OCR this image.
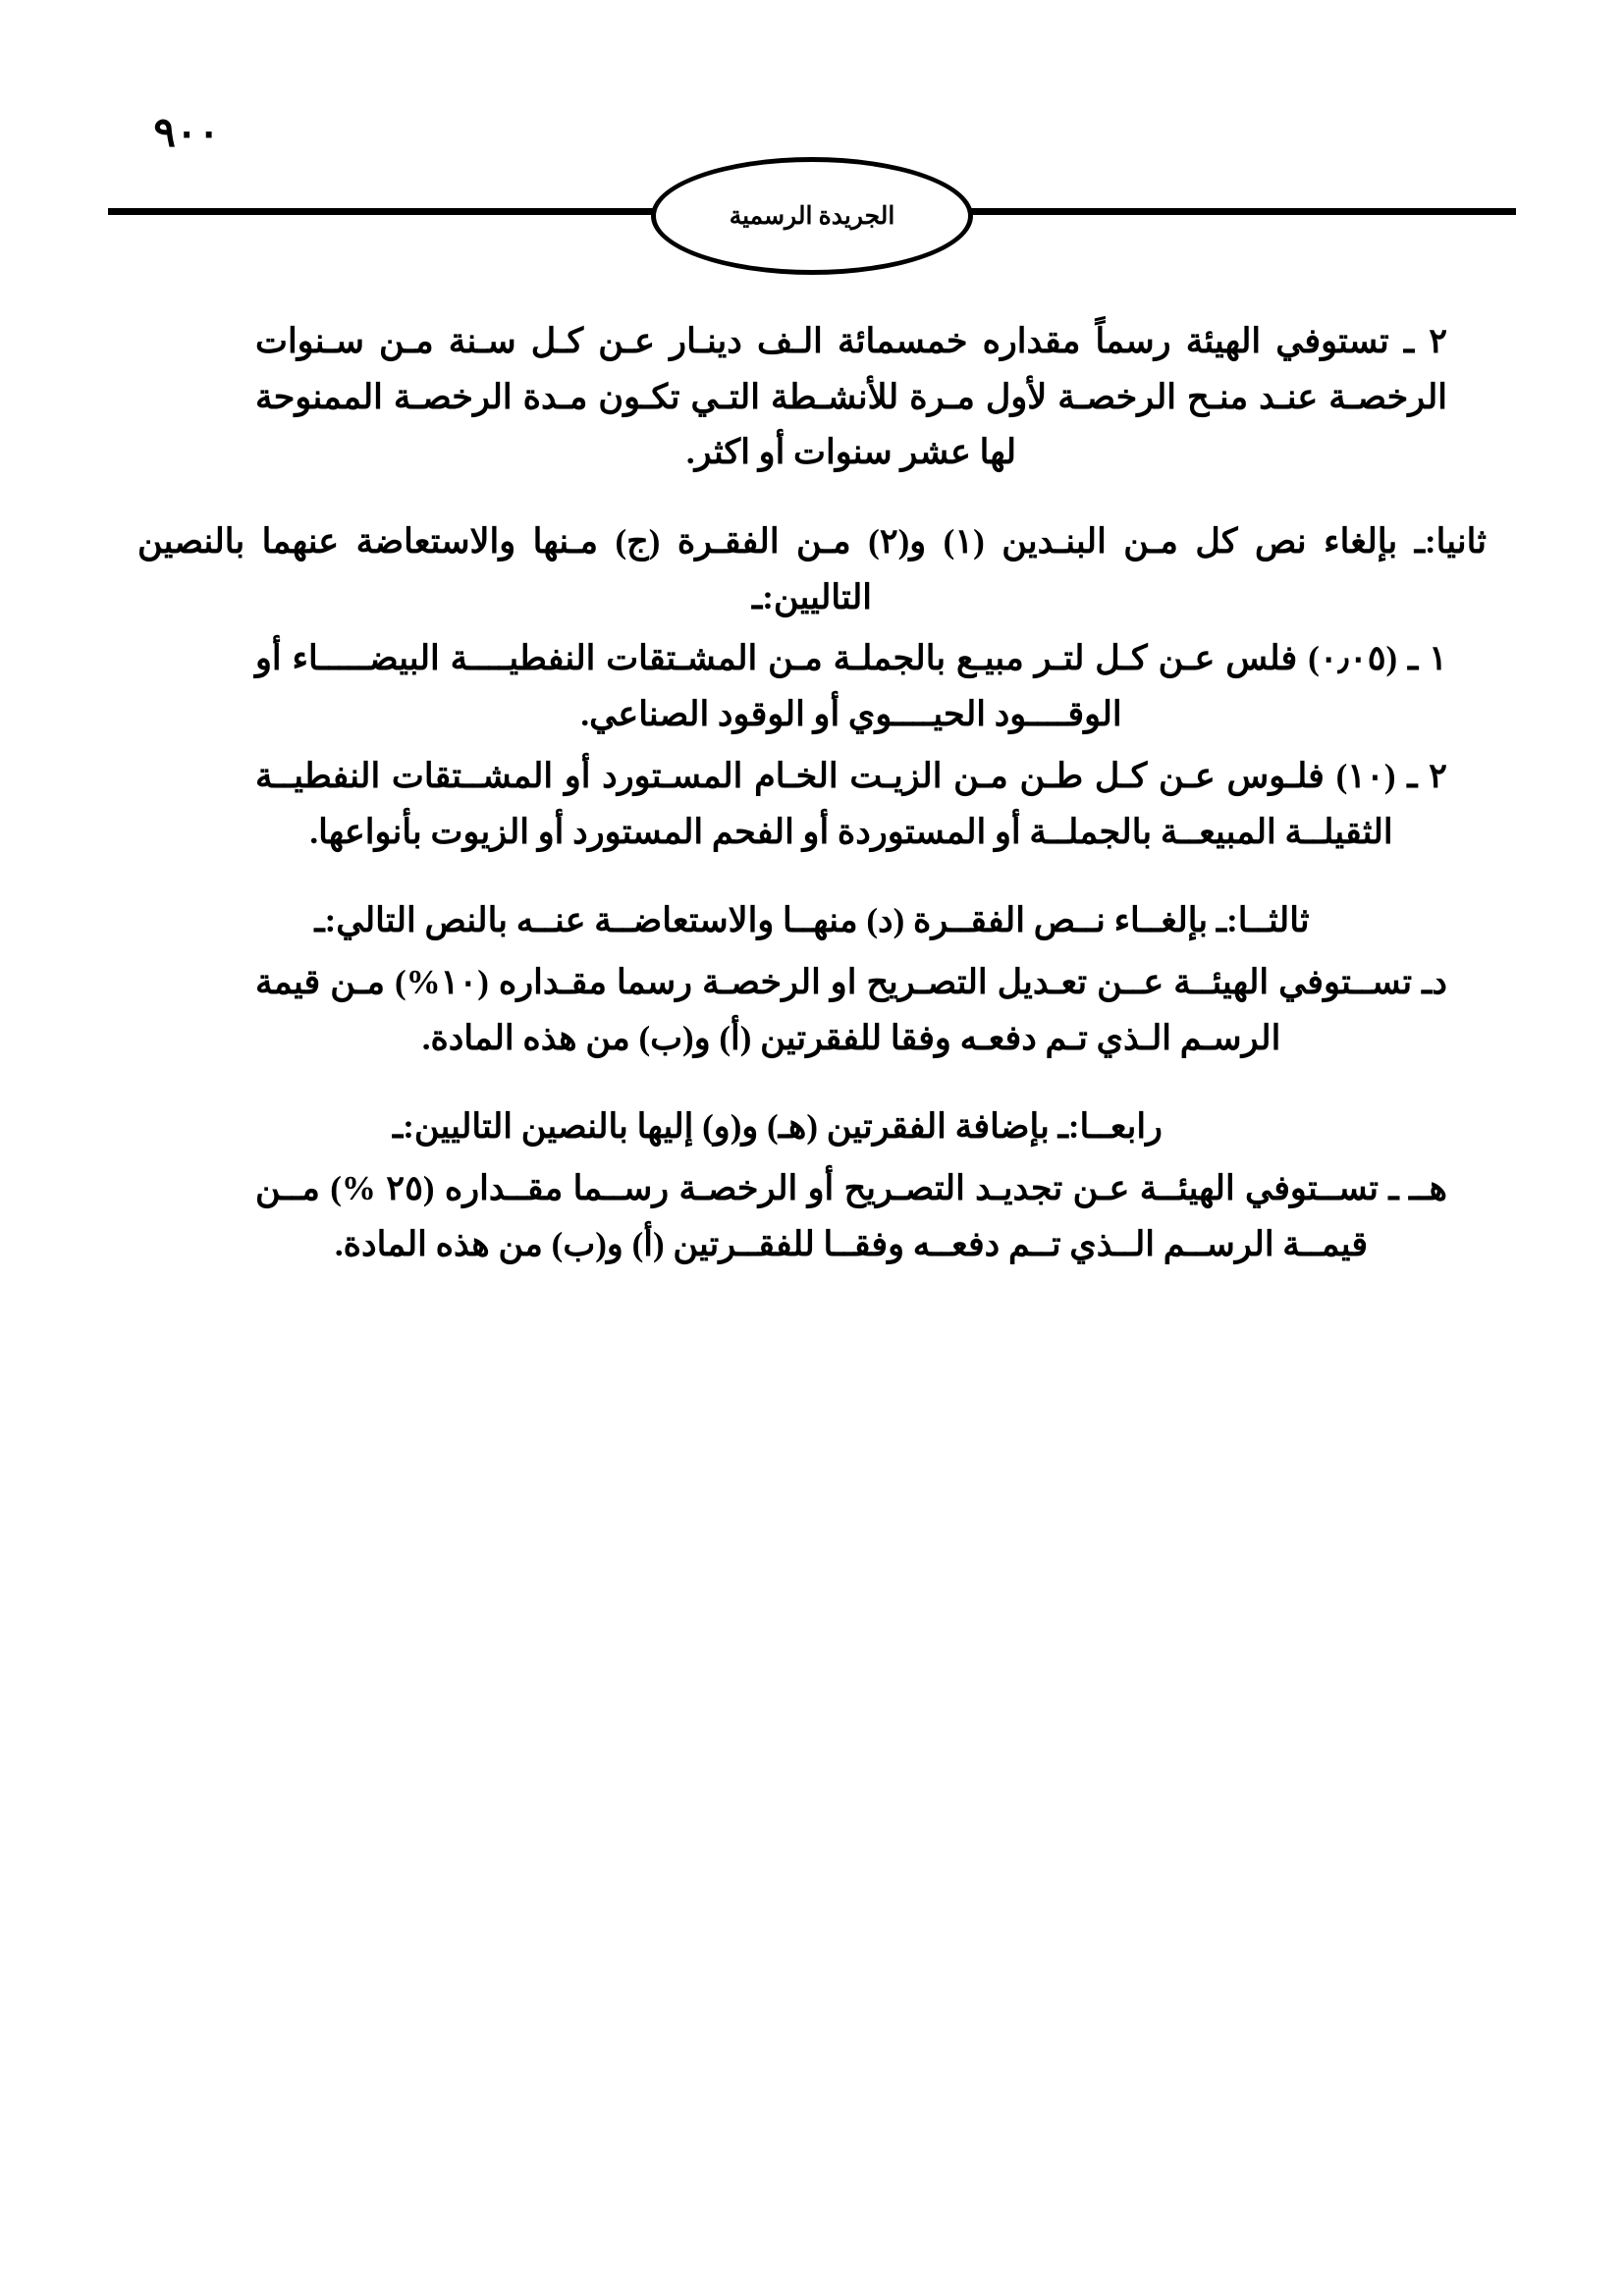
٩٠٠
الجريدة الرسمية

٢ ـ تستوفي الهيئة رسماً مقداره خمسمائة الـف دينـار عـن كـل سـنة مـن سـنوات الرخصـة عنـد منـح الرخصـة لأول مـرة للأنشـطة التـي تكـون مـدة الرخصـة الممنوحة لها عشر سنوات أو اكثر.

ثانيا:ـ بإلغاء نص كل مـن البنـدين (١) و(٢) مـن الفقـرة (ج) مـنها والاستعاضة عنهما بالنصين التاليين:ـ

١ ـ (٠٫٠٥) فلس عـن كـل لتـر مبيـع بالجملـة مـن المشـتقات النفطيــــة البيضـــــاء أو الوقــــود الحيــــوي أو الوقود الصناعي.

٢ ـ (١٠) فلـوس عـن كـل طـن مـن الزيـت الخـام المسـتورد أو المشــتقات النفطيــة الثقيلــة المبيعــة بالجملــة أو المستوردة أو الفحم المستورد أو الزيوت بأنواعها.

ثالثــا:ـ بإلغــاء نــص الفقــرة (د) منهــا والاستعاضــة عنــه بالنص التالي:ـ

دـ تســتوفي الهيئــة عــن تعـديل التصـريح او الرخصـة رسما مقـداره (١٠%) مـن قيمة الرسـم الـذي تـم دفعـه وفقا للفقرتين (أ) و(ب) من هذه المادة.

رابعــا:ـ بإضافة الفقرتين (هـ) و(و) إليها بالنصين التاليين:ـ

هــ ـ تســتوفي الهيئــة عـن تجديـد التصـريح أو الرخصـة رســما مقــداره (٢٥ %) مــن قيمــة الرســم الــذي تــم دفعــه وفقــا للفقــرتين (أ) و(ب) من هذه المادة.
